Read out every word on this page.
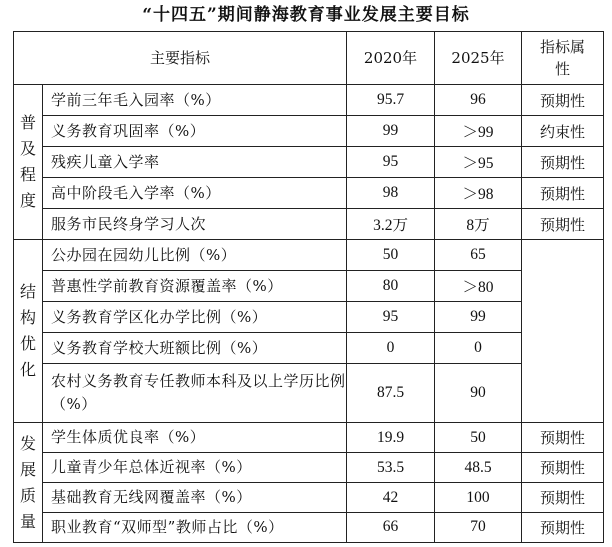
“十四五”期间静海教育事业发展主要目标
主要指标		2020年	2025年	指标属性

普
及
程
度	学前三年毛入园率（%）	95.7	96	预期性
	义务教育巩固率（%）	99	＞99	约束性
	残疾儿童入学率	95	＞95	预期性
	高中阶段毛入学率（%）	98	＞98	预期性
	服务市民终身学习人次	3.2万	8万	预期性

结
构
优
化	公办园在园幼儿比例（%）	50	65	
	普惠性学前教育资源覆盖率（%）	80	＞80	
	义务教育学区化办学比例（%）	95	99	
	义务教育学校大班额比例（%）	0	0	
	农村义务教育专任教师本科及以上学历比例（%）	87.5	90	

发
展
质
量	学生体质优良率（%）	19.9	50	预期性
	儿童青少年总体近视率（%）	53.5	48.5	预期性
	基础教育无线网覆盖率（%）	42	100	预期性
	职业教育“双师型”教师占比（%）	66	70	预期性
